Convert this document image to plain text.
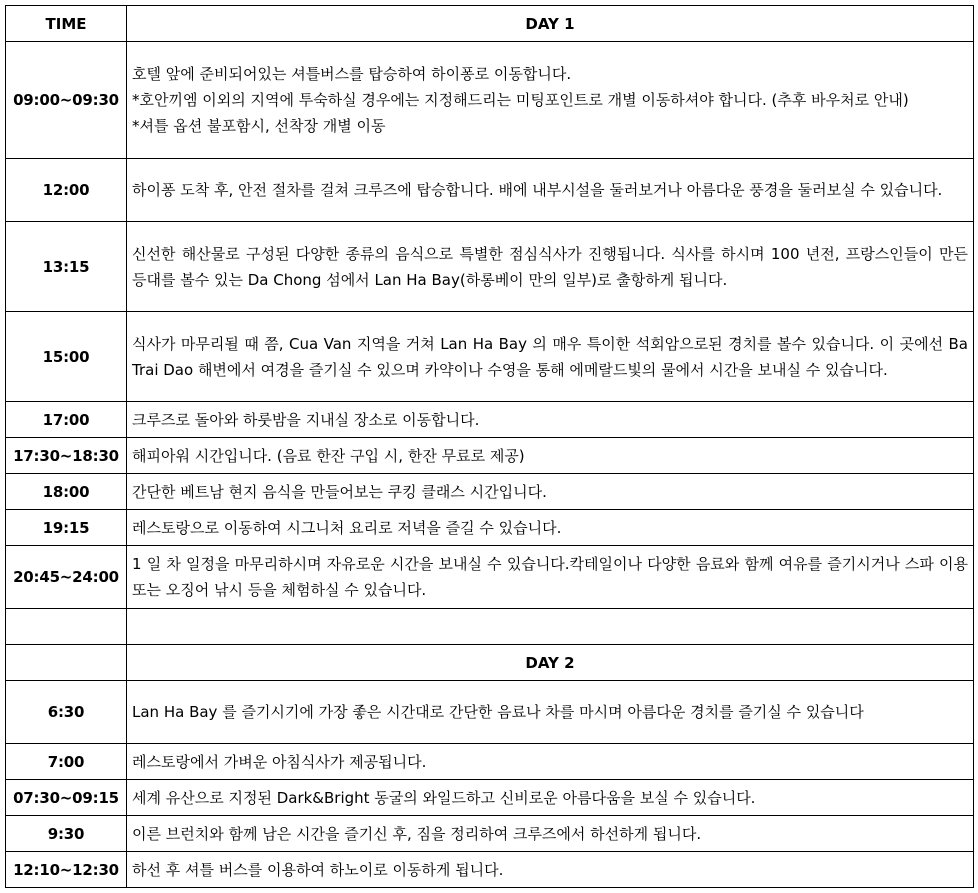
TIME	DAY 1
09:00~09:30	호텔 앞에 준비되어있는 셔틀버스를 탑승하여 하이퐁로 이동합니다.
*호안끼엠 이외의 지역에 투숙하실 경우에는 지정해드리는 미팅포인트로 개별 이동하셔야 합니다. (추후 바우처로 안내)
*셔틀 옵션 불포함시, 선착장 개별 이동

12:00	하이퐁 도착 후, 안전 절차를 걸쳐 크루즈에 탑승합니다. 배에 내부시설을 둘러보거나 아름다운 풍경을 둘러보실 수 있습니다.
13:15	신선한 해산물로 구성된 다양한 종류의 음식으로 특별한 점심식사가 진행됩니다. 식사를 하시며 100 년전, 프랑스인들이 만든 등대를 볼수 있는 Da Chong 섬에서 Lan Ha Bay(하롱베이 만의 일부)로 출항하게 됩니다.
15:00	식사가 마무리될 때 쯤, Cua Van 지역을 거쳐 Lan Ha Bay 의 매우 특이한 석회암으로된 경치를 볼수 있습니다. 이 곳에선 Ba Trai Dao 해변에서 여경을 즐기실 수 있으며 카약이나 수영을 통해 에메랄드빛의 물에서 시간을 보내실 수 있습니다.
17:00	크루즈로 돌아와 하룻밤을 지내실 장소로 이동합니다.
17:30~18:30	해피아워 시간입니다. (음료 한잔 구입 시, 한잔 무료로 제공)
18:00	간단한 베트남 현지 음식을 만들어보는 쿠킹 클래스 시간입니다.
19:15	레스토랑으로 이동하여 시그니처 요리로 저녁을 즐길 수 있습니다.
20:45~24:00	1 일 차 일정을 마무리하시며 자유로운 시간을 보내실 수 있습니다.칵테일이나 다양한 음료와 함께 여유를 즐기시거나 스파 이용 또는 오징어 낚시 등을 체험하실 수 있습니다.

	DAY 2
6:30	Lan Ha Bay 를 즐기시기에 가장 좋은 시간대로 간단한 음료나 차를 마시며 아름다운 경치를 즐기실 수 있습니다
7:00	레스토랑에서 가벼운 아침식사가 제공됩니다.
07:30~09:15	세계 유산으로 지정된 Dark&Bright 동굴의 와일드하고 신비로운 아름다움을 보실 수 있습니다.
9:30	이른 브런치와 함께 남은 시간을 즐기신 후, 짐을 정리하여 크루즈에서 하선하게 됩니다.
12:10~12:30	하선 후 셔틀 버스를 이용하여 하노이로 이동하게 됩니다.
